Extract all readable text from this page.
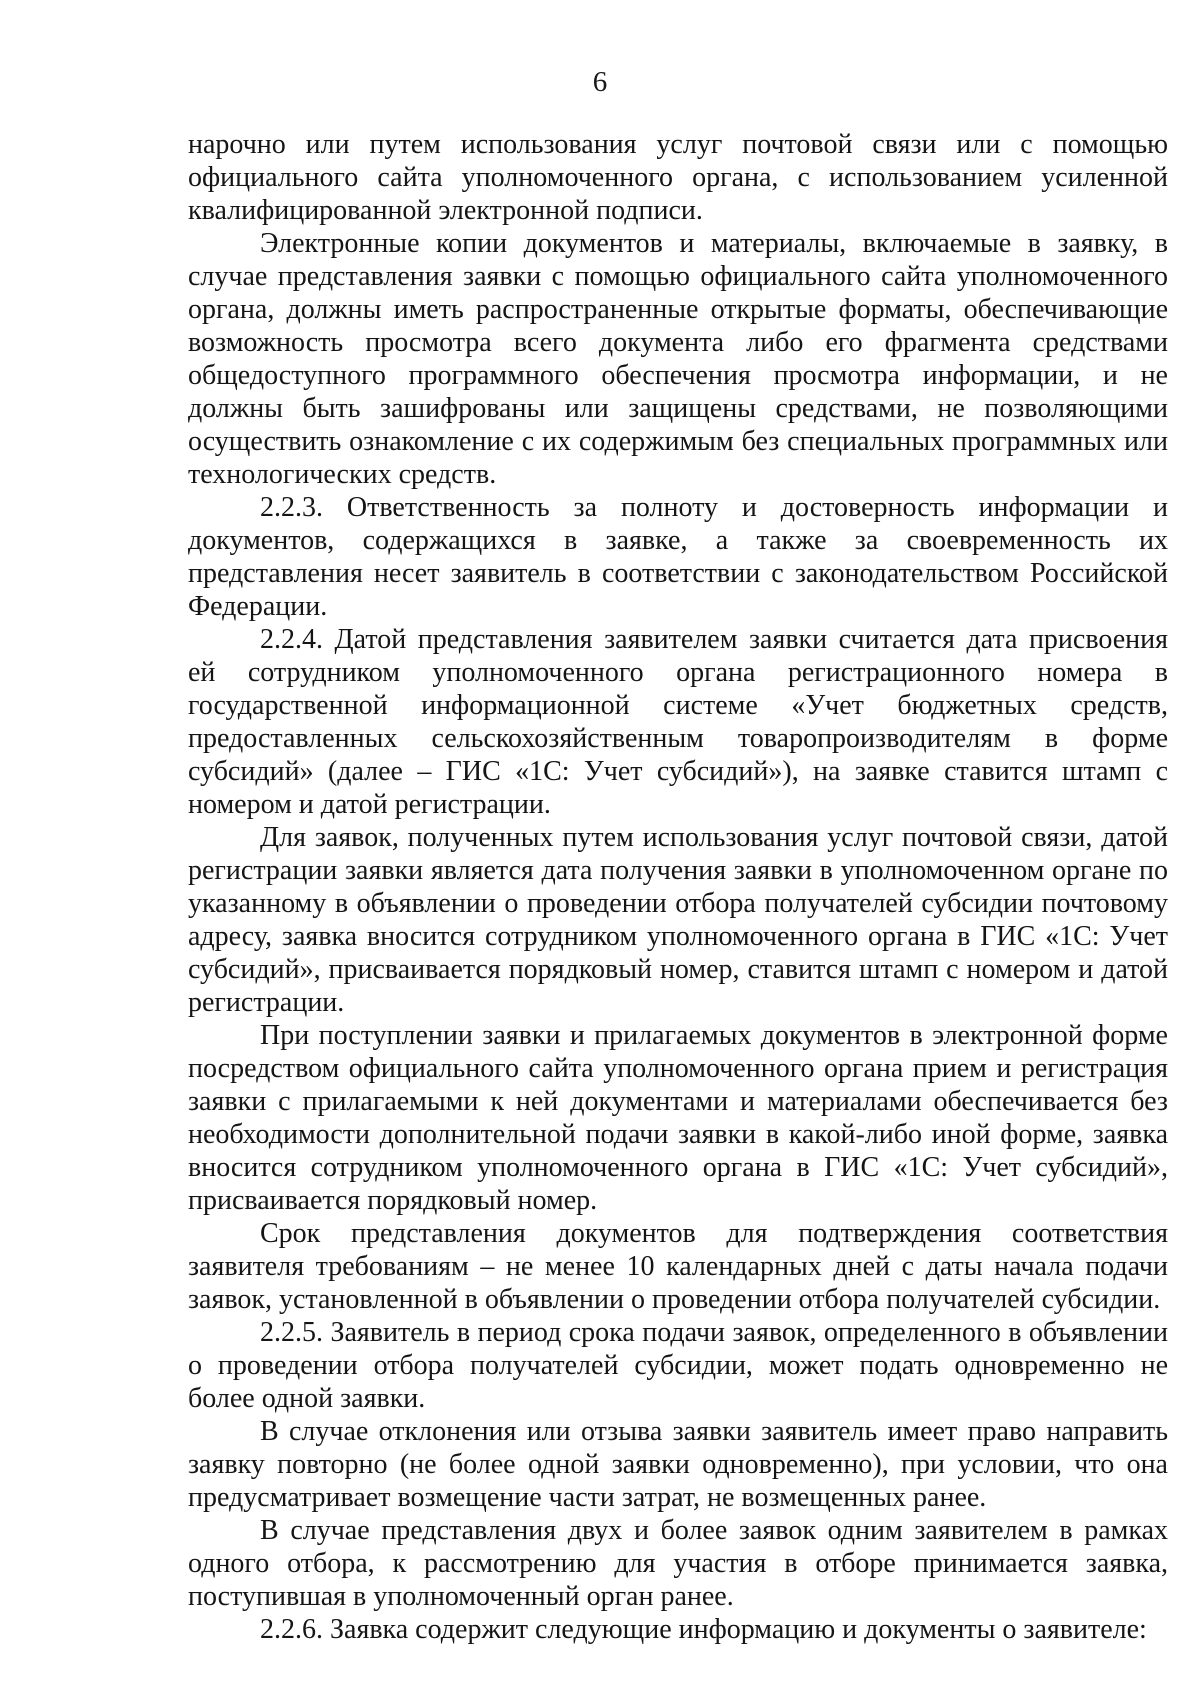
6

нарочно или путем использования услуг почтовой связи или с помощью официального сайта уполномоченного органа, с использованием усиленной квалифицированной электронной подписи.

Электронные копии документов и материалы, включаемые в заявку, в случае представления заявки с помощью официального сайта уполномоченного органа, должны иметь распространенные открытые форматы, обеспечивающие возможность просмотра всего документа либо его фрагмента средствами общедоступного программного обеспечения просмотра информации, и не должны быть зашифрованы или защищены средствами, не позволяющими осуществить ознакомление с их содержимым без специальных программных или технологических средств.

2.2.3. Ответственность за полноту и достоверность информации и документов, содержащихся в заявке, а также за своевременность их представления несет заявитель в соответствии с законодательством Российской Федерации.

2.2.4. Датой представления заявителем заявки считается дата присвоения ей сотрудником уполномоченного органа регистрационного номера в государственной информационной системе «Учет бюджетных средств, предоставленных сельскохозяйственным товаропроизводителям в форме субсидий» (далее – ГИС «1С: Учет субсидий»), на заявке ставится штамп с номером и датой регистрации.

Для заявок, полученных путем использования услуг почтовой связи, датой регистрации заявки является дата получения заявки в уполномоченном органе по указанному в объявлении о проведении отбора получателей субсидии почтовому адресу, заявка вносится сотрудником уполномоченного органа в ГИС «1С: Учет субсидий», присваивается порядковый номер, ставится штамп с номером и датой регистрации.

При поступлении заявки и прилагаемых документов в электронной форме посредством официального сайта уполномоченного органа прием и регистрация заявки с прилагаемыми к ней документами и материалами обеспечивается без необходимости дополнительной подачи заявки в какой-либо иной форме, заявка вносится сотрудником уполномоченного органа в ГИС «1С: Учет субсидий», присваивается порядковый номер.

Срок представления документов для подтверждения соответствия заявителя требованиям – не менее 10 календарных дней с даты начала подачи заявок, установленной в объявлении о проведении отбора получателей субсидии.

2.2.5. Заявитель в период срока подачи заявок, определенного в объявлении о проведении отбора получателей субсидии, может подать одновременно не более одной заявки.

В случае отклонения или отзыва заявки заявитель имеет право направить заявку повторно (не более одной заявки одновременно), при условии, что она предусматривает возмещение части затрат, не возмещенных ранее.

В случае представления двух и более заявок одним заявителем в рамках одного отбора, к рассмотрению для участия в отборе принимается заявка, поступившая в уполномоченный орган ранее.

2.2.6. Заявка содержит следующие информацию и документы о заявителе:
